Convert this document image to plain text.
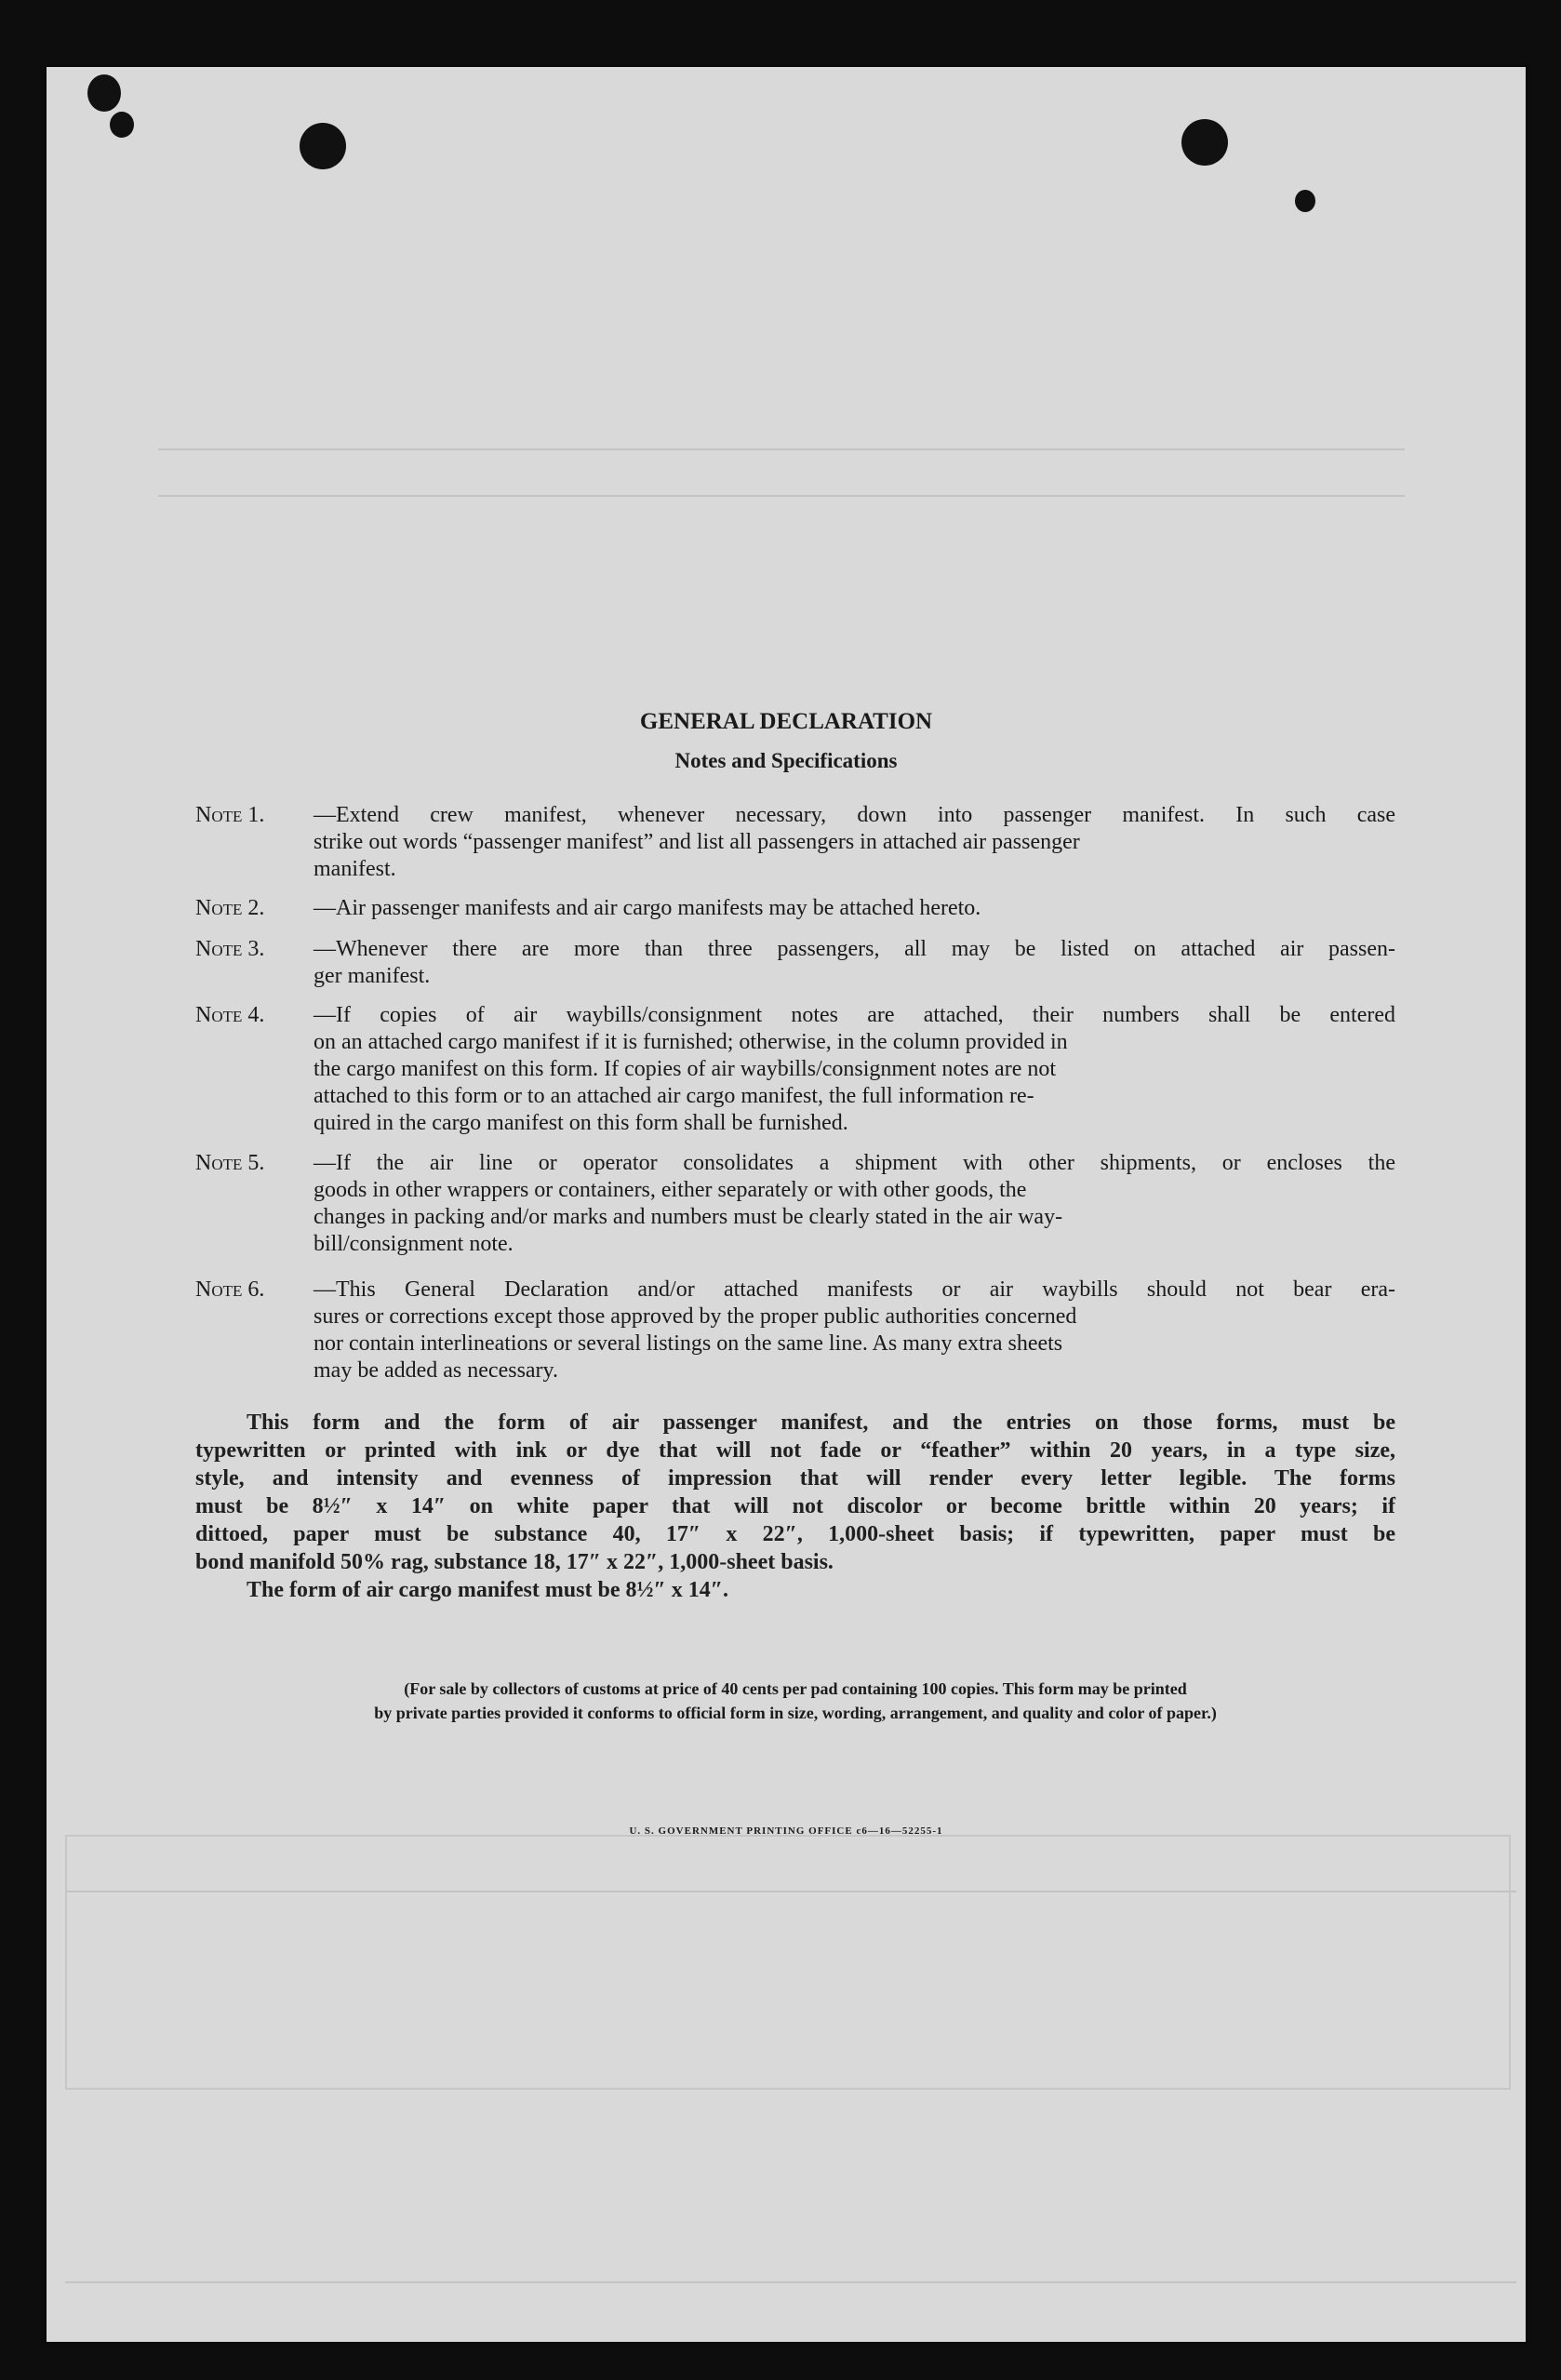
GENERAL DECLARATION
Notes and Specifications
Note 1.	—Extend crew manifest, whenever necessary, down into passenger manifest. In such case
strike out words “passenger manifest” and list all passengers in attached air passenger
manifest.
Note 2.	—Air passenger manifests and air cargo manifests may be attached hereto.
Note 3.	—Whenever there are more than three passengers, all may be listed on attached air passen-
ger manifest.
Note 4.	—If copies of air waybills/consignment notes are attached, their numbers shall be entered
on an attached cargo manifest if it is furnished; otherwise, in the column provided in
the cargo manifest on this form. If copies of air waybills/consignment notes are not
attached to this form or to an attached air cargo manifest, the full information re-
quired in the cargo manifest on this form shall be furnished.
Note 5.	—If the air line or operator consolidates a shipment with other shipments, or encloses the
goods in other wrappers or containers, either separately or with other goods, the
changes in packing and/or marks and numbers must be clearly stated in the air way-
bill/consignment note.
Note 6.	—This General Declaration and/or attached manifests or air waybills should not bear era-
sures or corrections except those approved by the proper public authorities concerned
nor contain interlineations or several listings on the same line. As many extra sheets
may be added as necessary.
This form and the form of air passenger manifest, and the entries on those forms, must be
typewritten or printed with ink or dye that will not fade or “feather” within 20 years, in a type size,
style, and intensity and evenness of impression that will render every letter legible. The forms
must be 8½″ x 14″ on white paper that will not discolor or become brittle within 20 years; if
dittoed, paper must be substance 40, 17″ x 22″, 1,000-sheet basis; if typewritten, paper must be
bond manifold 50% rag, substance 18, 17″ x 22″, 1,000-sheet basis.
The form of air cargo manifest must be 8½″ x 14″.
(For sale by collectors of customs at price of 40 cents per pad containing 100 copies. This form may be printed
by private parties provided it conforms to official form in size, wording, arrangement, and quality and color of paper.)
U. S. GOVERNMENT PRINTING OFFICE c6—16—52255-1
